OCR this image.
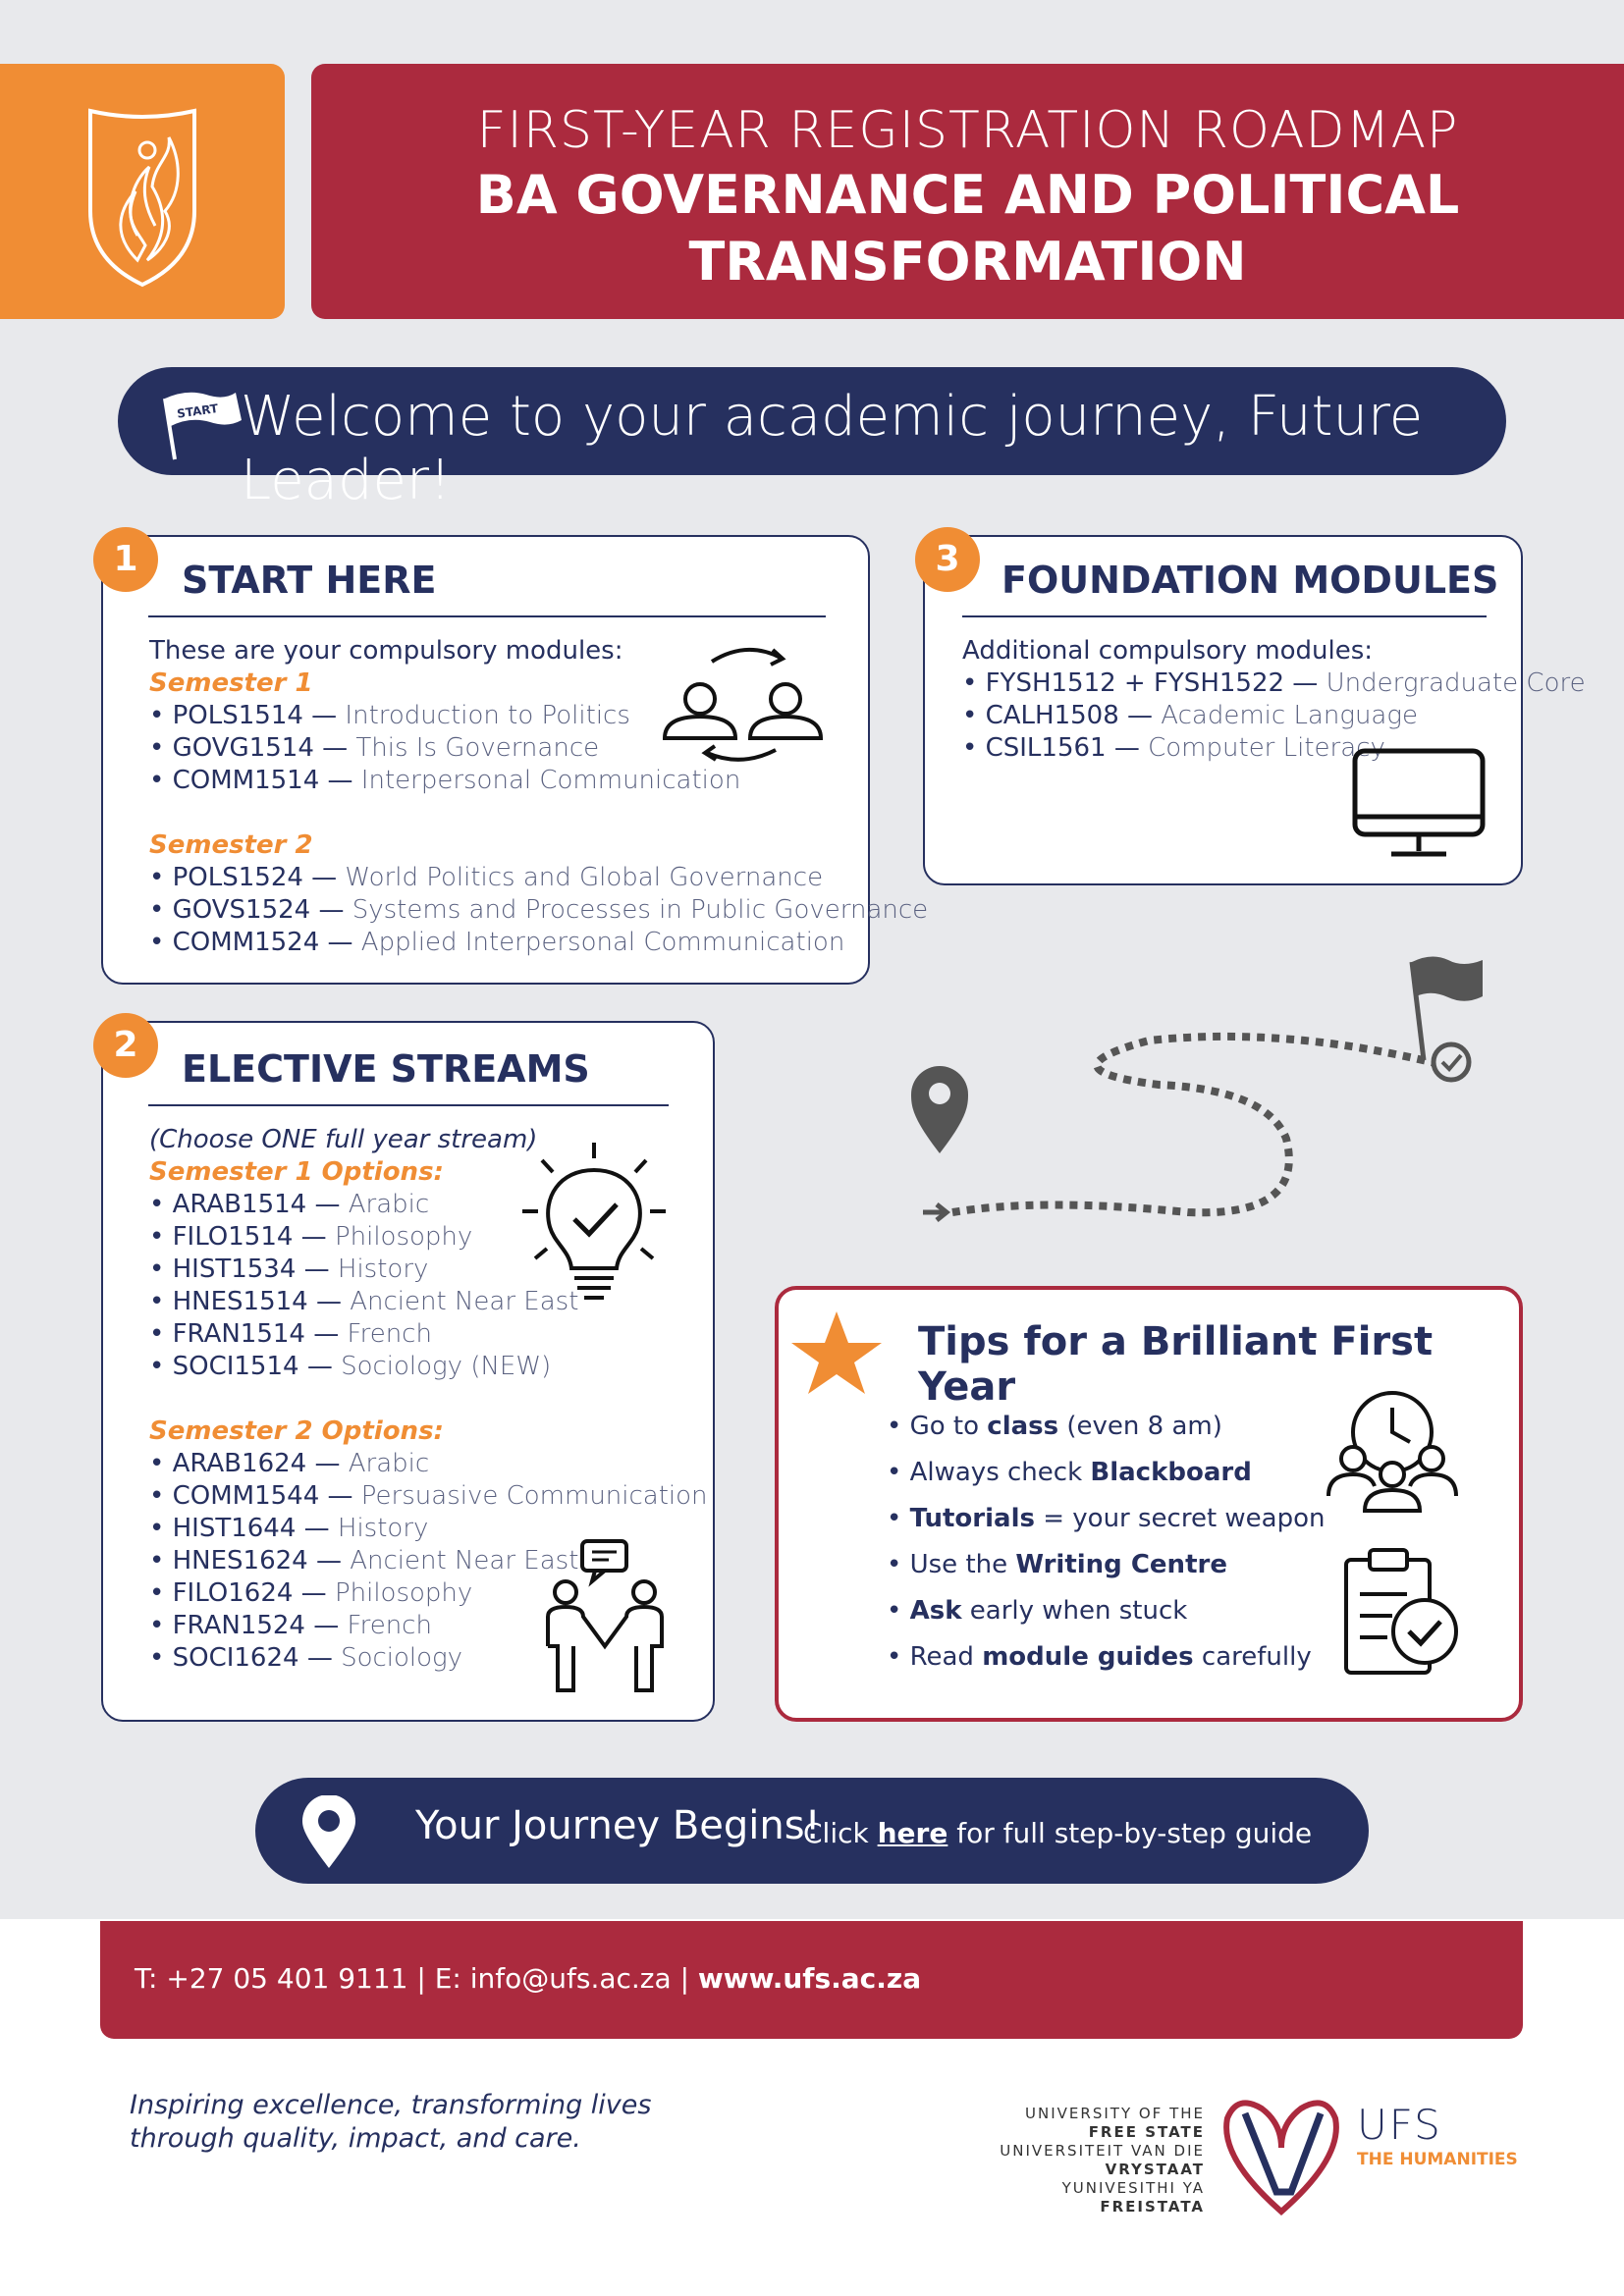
FIRST-YEAR REGISTRATION ROADMAP
BA GOVERNANCE AND POLITICAL
TRANSFORMATION
START Welcome to your academic journey, Future Leader!
START HERE
These are your compulsory modules:
Semester 1
• POLS1514 — Introduction to Politics
• GOVG1514 — This Is Governance
• COMM1514 — Interpersonal Communication
Semester 2
• POLS1524 — World Politics and Global Governance
• GOVS1524 — Systems and Processes in Public Governance
• COMM1524 — Applied Interpersonal Communication
1	FOUNDATION MODULES
Additional compulsory modules:
• FYSH1512 + FYSH1522 — Undergraduate Core
• CALH1508 — Academic Language
• CSIL1561 — Computer Literacy
3
ELECTIVE STREAMS
(Choose ONE full year stream)
Semester 1 Options:
• ARAB1514 — Arabic
• FILO1514 — Philosophy
• HIST1534 — History
• HNES1514 — Ancient Near East
• FRAN1514 — French
• SOCI1514 — Sociology (NEW)
Semester 2 Options:
• ARAB1624 — Arabic
• COMM1544 — Persuasive Communication
• HIST1644 — History
• HNES1624 — Ancient Near East
• FILO1624 — Philosophy
• FRAN1524 — French
• SOCI1624 — Sociology
2
Tips for a Brilliant First Year
• Go to class (even 8 am)
• Always check Blackboard
• Tutorials = your secret weapon
• Use the Writing Centre
• Ask early when stuck
• Read module guides carefully
Your Journey Begins!
Click here for full step-by-step guide
T: +27 05 401 9111 | E: info@ufs.ac.za | www.ufs.ac.za
Inspiring excellence, transforming lives
through quality, impact, and care.
UNIVERSITY OF THE
FREE STATE
UNIVERSITEIT VAN DIE
VRYSTAAT
YUNIVESITHI YA
FREISTATA
UFS
THE HUMANITIES
